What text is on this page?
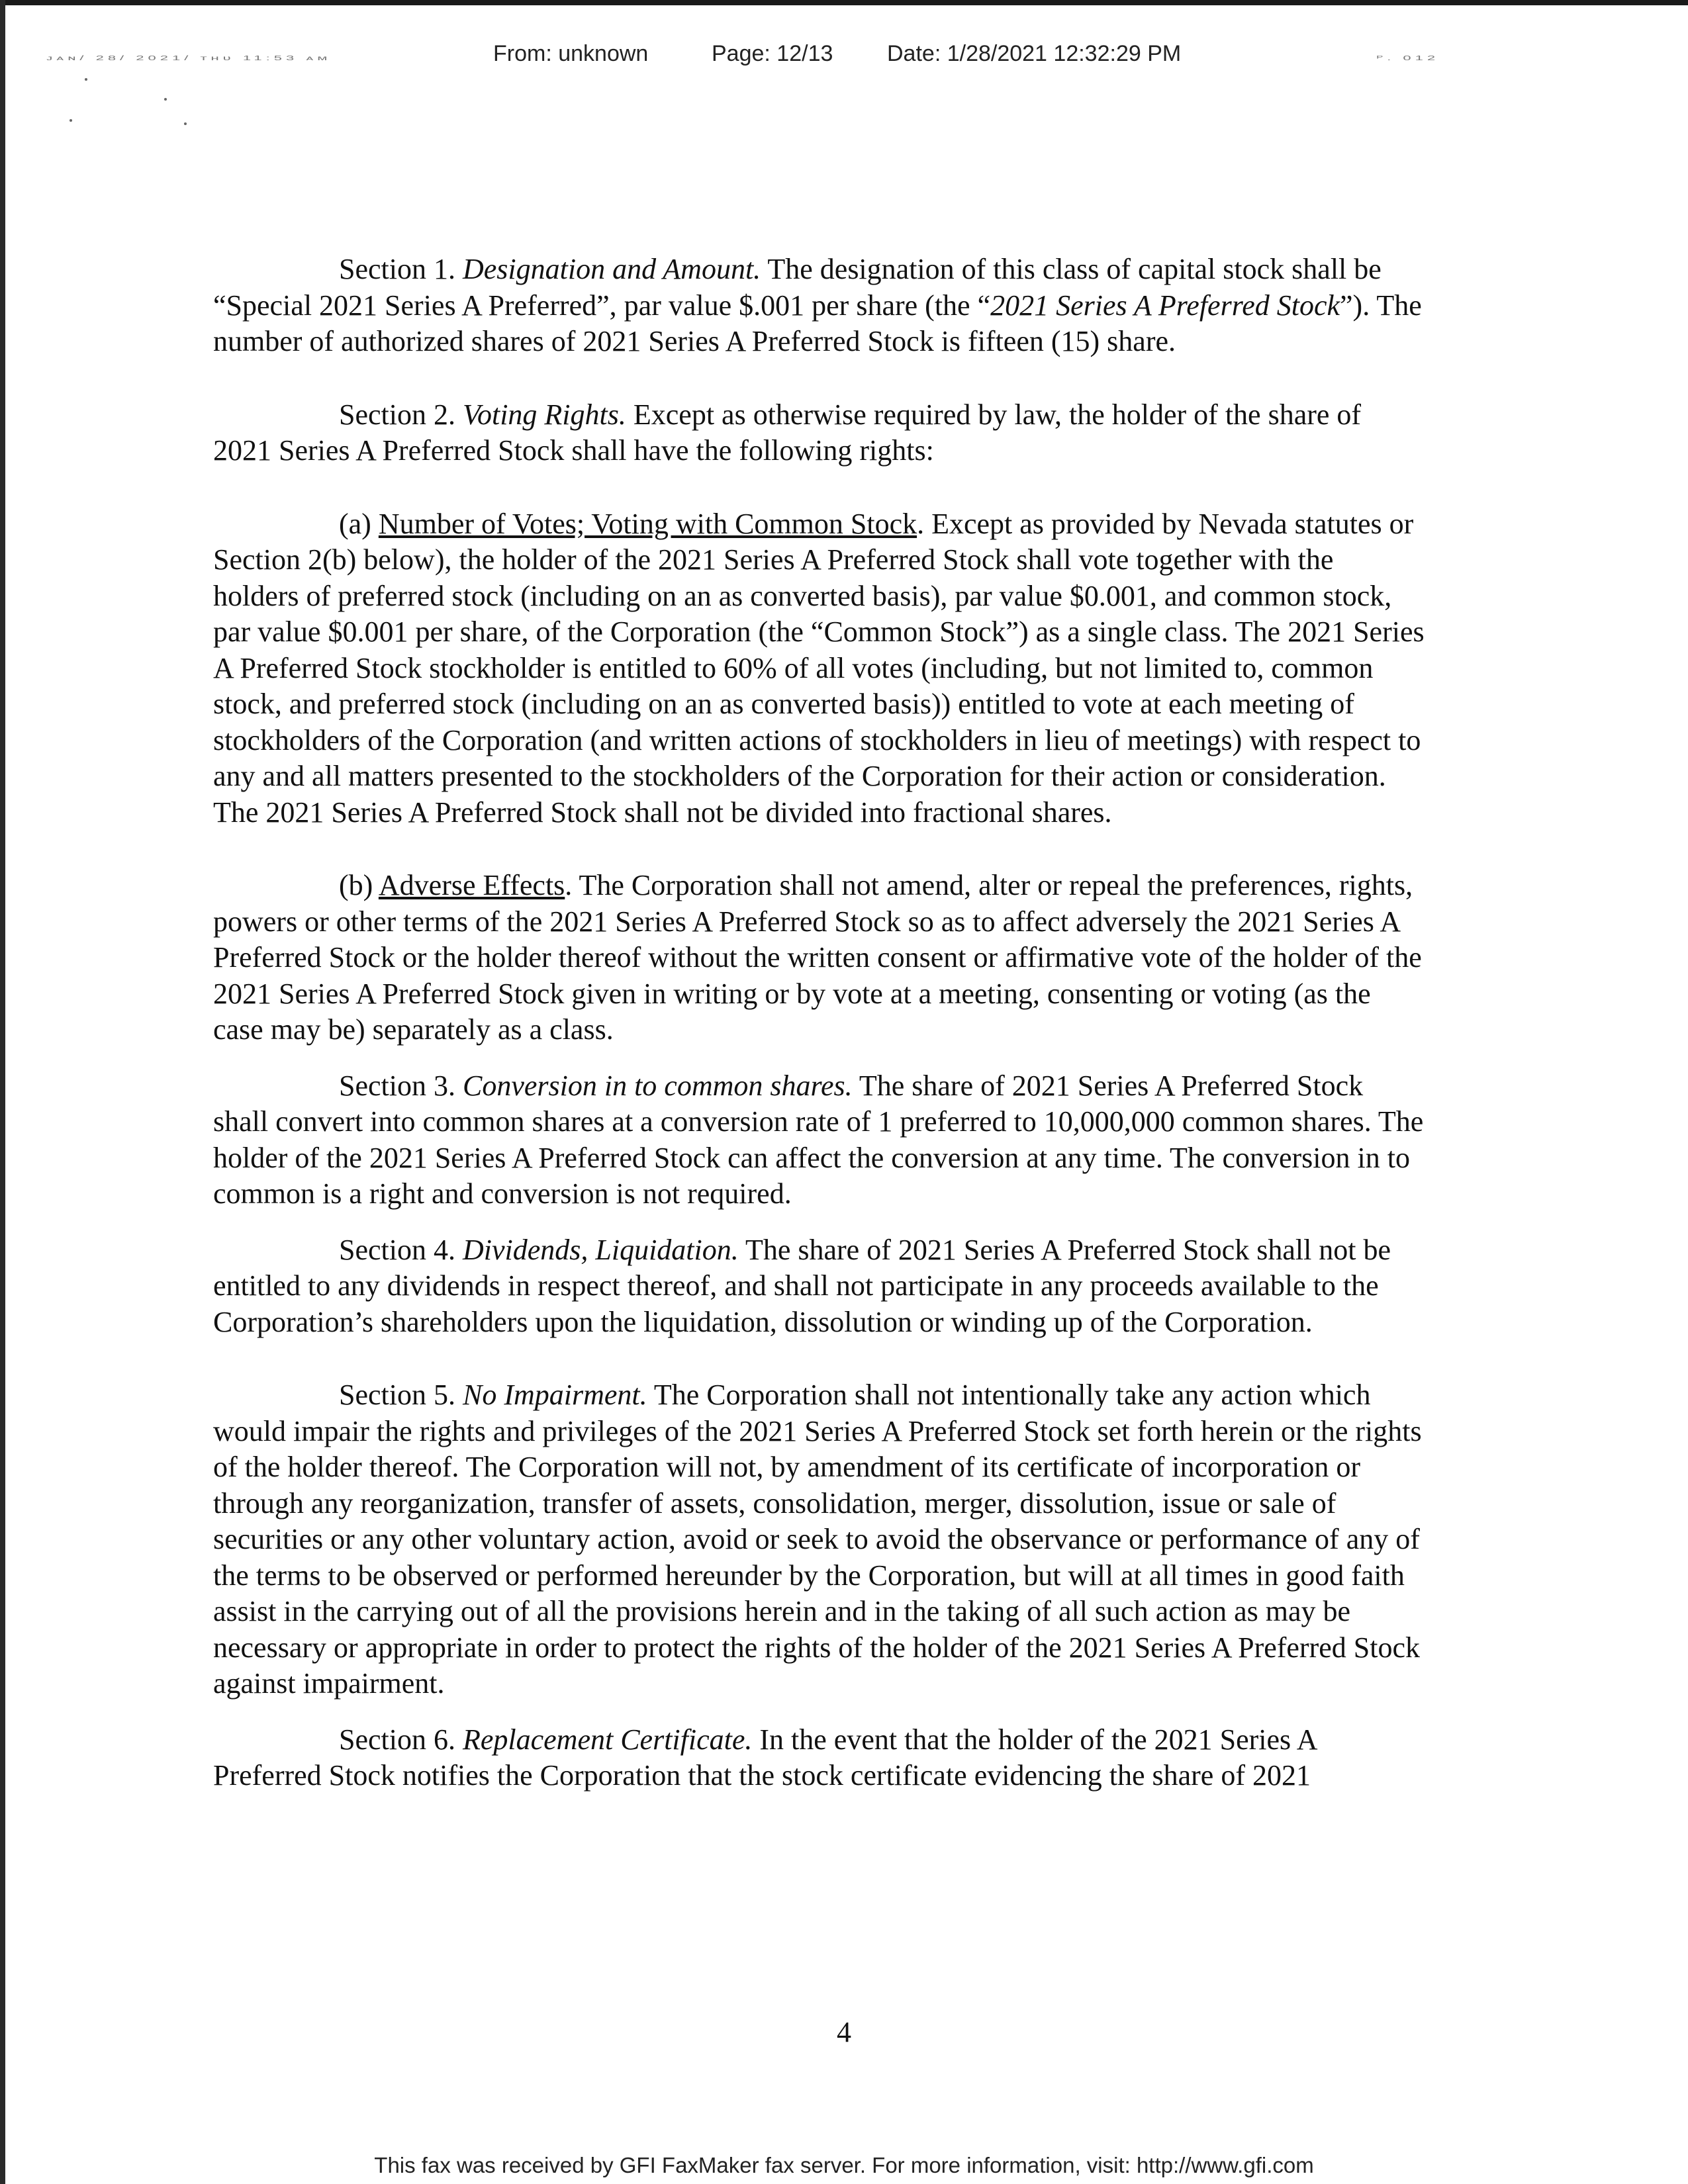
ᴊᴀɴ/ 28/ 2021/ ᴛʜᴜ 11:53 ᴀᴍ	ᴾ. 012
From: unknown	Page: 12/13 Date: 1/28/2021 12:32:29 PM

Section 1. Designation and Amount. The designation of this class of capital stock shall be “Special 2021 Series A Preferred”, par value $.001 per share (the “2021 Series A Preferred Stock”). The number of authorized shares of 2021 Series A Preferred Stock is fifteen (15) share.

Section 2. Voting Rights. Except as otherwise required by law, the holder of the share of 2021 Series A Preferred Stock shall have the following rights:

(a) Number of Votes; Voting with Common Stock. Except as provided by Nevada statutes or Section 2(b) below), the holder of the 2021 Series A Preferred Stock shall vote together with the holders of preferred stock (including on an as converted basis), par value $0.001, and common stock, par value $0.001 per share, of the Corporation (the “Common Stock”) as a single class. The 2021 Series A Preferred Stock stockholder is entitled to 60% of all votes (including, but not limited to, common stock, and preferred stock (including on an as converted basis)) entitled to vote at each meeting of stockholders of the Corporation (and written actions of stockholders in lieu of meetings) with respect to any and all matters presented to the stockholders of the Corporation for their action or consideration. The 2021 Series A Preferred Stock shall not be divided into fractional shares.

(b) Adverse Effects. The Corporation shall not amend, alter or repeal the preferences, rights, powers or other terms of the 2021 Series A Preferred Stock so as to affect adversely the 2021 Series A Preferred Stock or the holder thereof without the written consent or affirmative vote of the holder of the 2021 Series A Preferred Stock given in writing or by vote at a meeting, consenting or voting (as the case may be) separately as a class.

Section 3. Conversion in to common shares. The share of 2021 Series A Preferred Stock shall convert into common shares at a conversion rate of 1 preferred to 10,000,000 common shares. The holder of the 2021 Series A Preferred Stock can affect the conversion at any time. The conversion in to common is a right and conversion is not required.

Section 4. Dividends, Liquidation. The share of 2021 Series A Preferred Stock shall not be entitled to any dividends in respect thereof, and shall not participate in any proceeds available to the Corporation’s shareholders upon the liquidation, dissolution or winding up of the Corporation.

Section 5. No Impairment. The Corporation shall not intentionally take any action which would impair the rights and privileges of the 2021 Series A Preferred Stock set forth herein or the rights of the holder thereof. The Corporation will not, by amendment of its certificate of incorporation or through any reorganization, transfer of assets, consolidation, merger, dissolution, issue or sale of securities or any other voluntary action, avoid or seek to avoid the observance or performance of any of the terms to be observed or performed hereunder by the Corporation, but will at all times in good faith assist in the carrying out of all the provisions herein and in the taking of all such action as may be necessary or appropriate in order to protect the rights of the holder of the 2021 Series A Preferred Stock against impairment.

Section 6. Replacement Certificate. In the event that the holder of the 2021 Series A Preferred Stock notifies the Corporation that the stock certificate evidencing the share of 2021

4
This fax was received by GFI FaxMaker fax server. For more information, visit: http://www.gfi.com
